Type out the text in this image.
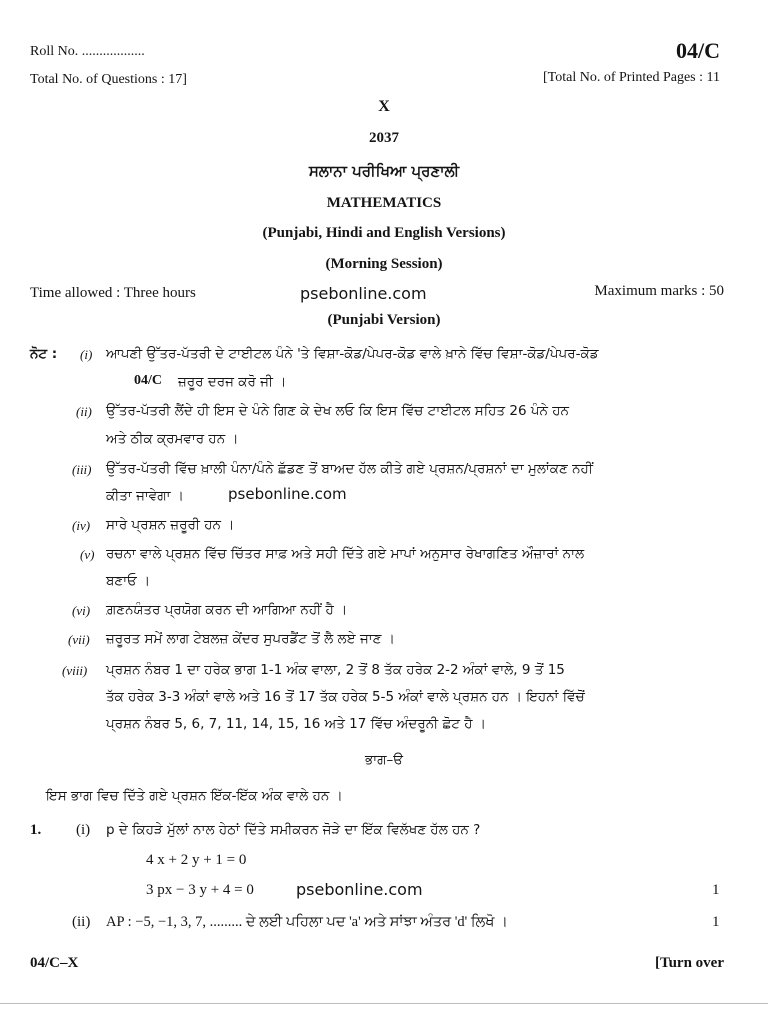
Roll No. ..................	04/C
Total No. of Questions : 17]	[Total No. of Printed Pages : 11
X
2037
ਸਲਾਨਾ ਪਰੀਖਿਆ ਪ੍ਰਣਾਲੀ
MATHEMATICS
(Punjabi, Hindi and English Versions)
(Morning Session)
Time allowed : Three hours	psebonline.com	Maximum marks : 50
(Punjabi Version)
ਨੋਟ : (i) ਆਪਣੀ ਉੱਤਰ-ਪੱਤਰੀ ਦੇ ਟਾਈਟਲ ਪੰਨੇ 'ਤੇ ਵਿਸ਼ਾ-ਕੋਡ/ਪੇਪਰ-ਕੋਡ ਵਾਲੇ ਖ਼ਾਨੇ ਵਿੱਚ ਵਿਸ਼ਾ-ਕੋਡ/ਪੇਪਰ-ਕੋਡ
04/C ਜ਼ਰੂਰ ਦਰਜ ਕਰੋ ਜੀ ।
(ii) ਉੱਤਰ-ਪੱਤਰੀ ਲੈਂਦੇ ਹੀ ਇਸ ਦੇ ਪੰਨੇ ਗਿਣ ਕੇ ਦੇਖ ਲਓ ਕਿ ਇਸ ਵਿੱਚ ਟਾਈਟਲ ਸਹਿਤ 26 ਪੰਨੇ ਹਨ
ਅਤੇ ਠੀਕ ਕ੍ਰਮਵਾਰ ਹਨ ।
(iii) ਉੱਤਰ-ਪੱਤਰੀ ਵਿੱਚ ਖ਼ਾਲੀ ਪੰਨਾ/ਪੰਨੇ ਛੱਡਣ ਤੋਂ ਬਾਅਦ ਹੱਲ ਕੀਤੇ ਗਏ ਪ੍ਰਸ਼ਨ/ਪ੍ਰਸ਼ਨਾਂ ਦਾ ਮੁਲਾਂਕਣ ਨਹੀਂ
ਕੀਤਾ ਜਾਵੇਗਾ ।	psebonline.com
(iv) ਸਾਰੇ ਪ੍ਰਸ਼ਨ ਜ਼ਰੂਰੀ ਹਨ ।
(v) ਰਚਨਾ ਵਾਲੇ ਪ੍ਰਸ਼ਨ ਵਿੱਚ ਚਿੱਤਰ ਸਾਫ਼ ਅਤੇ ਸਹੀ ਦਿੱਤੇ ਗਏ ਮਾਪਾਂ ਅਨੁਸਾਰ ਰੇਖਾਗਣਿਤ ਔਜ਼ਾਰਾਂ ਨਾਲ
ਬਣਾਓ ।
(vi) ਗ਼ਣਨਯੰਤਰ ਪ੍ਰਯੋਗ ਕਰਨ ਦੀ ਆਗਿਆ ਨਹੀਂ ਹੈ ।
(vii) ਜ਼ਰੂਰਤ ਸਮੇਂ ਲਾਗ ਟੇਬਲਜ਼ ਕੇਂਦਰ ਸੁਪਰਡੈਂਟ ਤੋਂ ਲੈ ਲਏ ਜਾਣ ।
(viii) ਪ੍ਰਸ਼ਨ ਨੰਬਰ 1 ਦਾ ਹਰੇਕ ਭਾਗ 1-1 ਅੰਕ ਵਾਲਾ, 2 ਤੋਂ 8 ਤੱਕ ਹਰੇਕ 2-2 ਅੰਕਾਂ ਵਾਲੇ, 9 ਤੋਂ 15
ਤੱਕ ਹਰੇਕ 3-3 ਅੰਕਾਂ ਵਾਲੇ ਅਤੇ 16 ਤੋਂ 17 ਤੱਕ ਹਰੇਕ 5-5 ਅੰਕਾਂ ਵਾਲੇ ਪ੍ਰਸ਼ਨ ਹਨ । ਇਹਨਾਂ ਵਿੱਚੋਂ
ਪ੍ਰਸ਼ਨ ਨੰਬਰ 5, 6, 7, 11, 14, 15, 16 ਅਤੇ 17 ਵਿੱਚ ਅੰਦਰੂਨੀ ਛੋਟ ਹੈ ।
ਭਾਗ–ੳ
ਇਸ ਭਾਗ ਵਿਚ ਦਿੱਤੇ ਗਏ ਪ੍ਰਸ਼ਨ ਇੱਕ-ਇੱਕ ਅੰਕ ਵਾਲੇ ਹਨ ।
1. (i) p ਦੇ ਕਿਹੜੇ ਮੁੱਲਾਂ ਨਾਲ ਹੇਠਾਂ ਦਿੱਤੇ ਸਮੀਕਰਨ ਜੋੜੇ ਦਾ ਇੱਕ ਵਿਲੱਖਣ ਹੱਲ ਹਨ ?
4 x + 2 y + 1 = 0
3 px − 3 y + 4 = 0	psebonline.com	1
(ii) AP : −5, −1, 3, 7, ......... ਦੇ ਲਈ ਪਹਿਲਾ ਪਦ 'a' ਅਤੇ ਸਾਂਝਾ ਅੰਤਰ 'd' ਲਿਖੋ ।	1
04/C–X	[Turn over
